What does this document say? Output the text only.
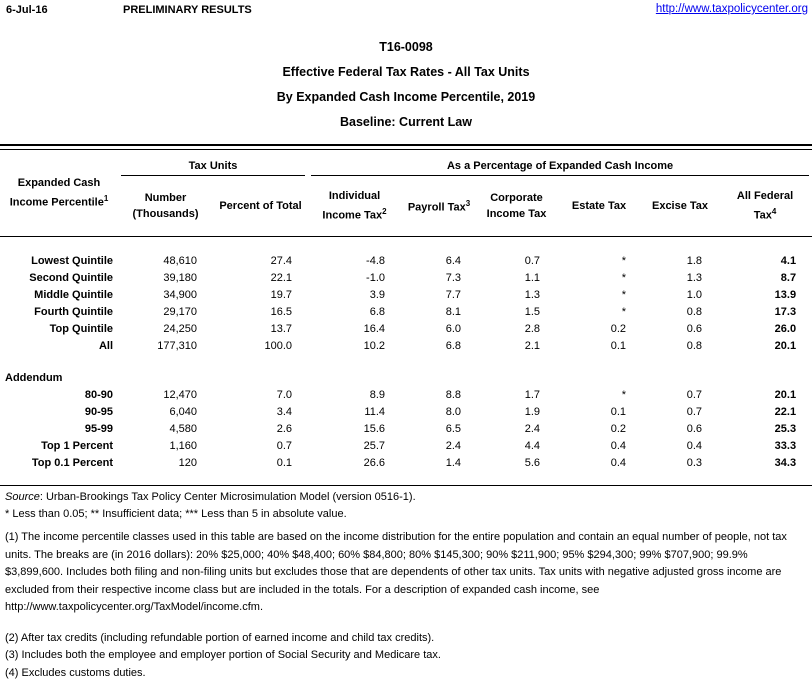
6-Jul-16	PRELIMINARY RESULTS	http://www.taxpolicycenter.org
T16-0098
Effective Federal Tax Rates - All Tax Units
By Expanded Cash Income Percentile, 2019
Baseline: Current Law
Expanded Cash
Income Percentile$^1$	Tax Units		As a Percentage of Expanded Cash Income					

Number
(Thousands)

Percent of Total

Individual
Income Tax$^2$	Payroll Tax$^3$	Corporate
Income Tax

Estate Tax	Excise Tax

All Federal
Tax$^4$

Lowest Quintile	48,610	27.4	-4.8	6.4	0.7	*	1.8	4.1
Second Quintile	39,180	22.1	-1.0	7.3	1.1	*	1.3	8.7
Middle Quintile	34,900	19.7	3.9	7.7	1.3	*	1.0	13.9
Fourth Quintile	29,170	16.5	6.8	8.1	1.5	*	0.8	17.3
Top Quintile	24,250	13.7	16.4	6.0	2.8	0.2	0.6	26.0
All	177,310	100.0	10.2	6.8	2.1	0.1	0.8	20.1

Addendum								
80-90	12,470	7.0	8.9	8.8	1.7	*	0.7	20.1
90-95	6,040	3.4	11.4	8.0	1.9	0.1	0.7	22.1
95-99	4,580	2.6	15.6	6.5	2.4	0.2	0.6	25.3
Top 1 Percent	1,160	0.7	25.7	2.4	4.4	0.4	0.4	33.3
Top 0.1 Percent	120	0.1	26.6	1.4	5.6	0.4	0.3	34.3

Source: Urban-Brookings Tax Policy Center Microsimulation Model (version 0516-1).
* Less than 0.05; ** Insufficient data; *** Less than 5 in absolute value.
(1) The income percentile classes used in this table are based on the income distribution for the entire population and contain an equal number of people, not tax units. The breaks are (in 2016 dollars): 20% $25,000; 40% $48,400; 60% $84,800; 80% $145,300; 90% $211,900; 95% $294,300; 99% $707,900; 99.9% $3,899,600. Includes both filing and non-filing units but excludes those that are dependents of other tax units. Tax units with negative adjusted gross income are excluded from their respective income class but are included in the totals. For a description of expanded cash income, see http://www.taxpolicycenter.org/TaxModel/income.cfm.
(2) After tax credits (including refundable portion of earned income and child tax credits).
(3) Includes both the employee and employer portion of Social Security and Medicare tax.
(4) Excludes customs duties.
